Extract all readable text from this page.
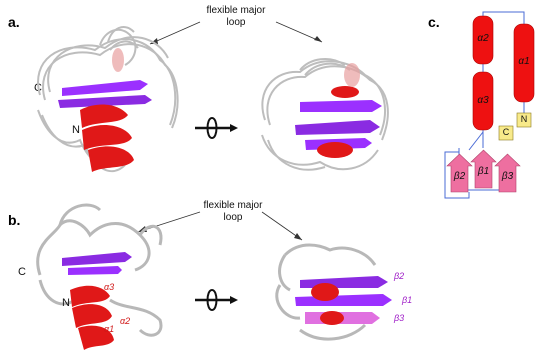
a.
flexible major
loop
C
N
b.
flexible major
loop
C
N
α3
α2
α1
β2
β1
β3
c.
α2
α3
α1
β2 β1 β3
C
N
